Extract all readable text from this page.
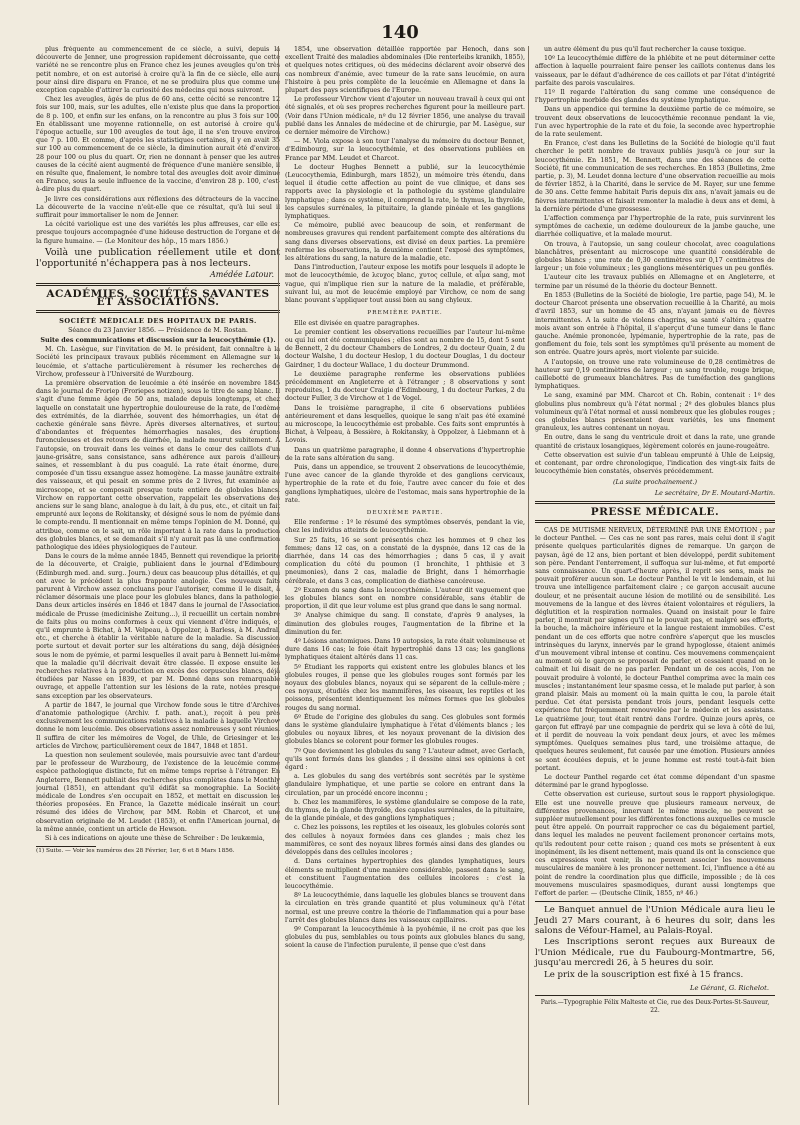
140

plus fréquente au commencement de ce siècle, a suivi, depuis la découverte de Jenner, une progression rapidement décroissante, que cette variété ne se rencontre plus en France chez les jeunes aveugles qu'on très petit nombre, et on est autorisé à croire qu'à la fin de ce siècle, elle aura pour ainsi dire disparu en France, et ne se produira plus que comme une exception capable d'attirer la curiosité des médecins qui nous suivront.

Chez les aveugles, âgés de plus de 60 ans, cette cécité se rencontre 12 fois sur 100, mais, sur les adultes, elle n'existe plus que dans la proportion de 8 p. 100, et enfin sur les enfans, on la rencontre au plus 3 fois sur 100. En établissant une moyenne rationnelle, on est autorisé à croire qu'à l'époque actuelle, sur 100 aveugles de tout âge, il ne s'en trouve environ que 7 p. 100. Et comme, d'après les statistiques certaines, il y en avait 35 sur 100 au commencement de ce siècle, la diminution aurait été d'environ 28 pour 100 ou plus du quart. Or, rien ne donnant à penser que les autres causes de la cécité aient augmenté de fréquence d'une manière sensible, il en résulte que, finalement, le nombre total des aveugles doit avoir diminué en France, sous la seule influence de la vaccine, d'environ 28 p. 100, c'est-à-dire plus du quart.

Je livre ces considérations aux réflexions des détracteurs de la vaccine. La découverte de la vaccine n'eût-elle que ce résultat, qu'à lui seul il suffirait pour immortaliser le nom de Jenner.

La cécité variolique est une des variétés les plus affreuses, car elle est presque toujours accompagnée d'une hideuse destruction de l'organe et de la figure humaine. — (Le Moniteur des hôp., 15 mars 1856.)

Voilà une publication réellement utile et dont l'opportunité n'échappera pas à nos lecteurs.

Amédée Latour.
ACADÉMIES, SOCIÉTÉS SAVANTES ET ASSOCIATIONS.
SOCIÉTÉ MÉDICALE DES HOPITAUX DE PARIS.
Séance du 23 Janvier 1856. — Présidence de M. Rostan.
Suite des communications et discussion sur la leucocythémie (1).

M. Ch. Lasègue, sur l'invitation de M. le président, fait connaître à la Société les principaux travaux publiés récemment en Allemagne sur la leucémie, et s'attache particulièrement à résumer les recherches de Virchow, professeur à l'Université de Wurzbourg.

La première observation de leucémie a été insérée en novembre 1845 dans le journal de Froriep (Froriepes notizen), sous le titre de sang blanc. Il s'agit d'une femme âgée de 50 ans, malade depuis longtemps, et chez laquelle on constatait une hypertrophie douloureuse de la rate, de l'œdème des extrémités, de la diarrhée, souvent des hémorrhagies, un état de cachexie générale sans fièvre. Après diverses alternatives, et surtout d'abondantes et fréquentes hémorrhagies nasales, des éruptions furonculeuses et des retours de diarrhée, la malade mourut subitement. A l'autopsie, on trouvait dans les veines et dans le cœur des caillots d'un jaune-grisâtre, sans consistance, sans adhérence aux parois d'ailleurs saines, et ressemblant à du pus coagulé. La rate était énorme, dure, composée d'un tissu exsangue assez homogène. La masse jaunâtre extraite des vaisseaux, et qui pesait en somme près de 2 livres, fut examinée au microscope, et se composait presque toute entière de globules blancs. Virchow en rapportant cette observation, rappelait les observations des anciens sur le sang blanc, analogue à du lait, à du pus, etc., et citait un fait emprunté aux leçons de Rokitansky, et désigné sous le nom de pyémie dans le compte-rendu. Il mentionnait en même temps l'opinion de M. Donné, qui attribue, comme on le sait, un rôle important à la rate dans la production des globules blancs, et se demandait s'il n'y aurait pas là une confirmation pathologique des idées physiologiques de l'auteur.

Dans le cours de la même année 1845, Bennett qui revendique la priorité de la découverte, et Craigie, publiaient dans le journal d'Edimbourg (Edinburgh med. and. surg.. Journ.) deux cas beaucoup plus détaillés, et qui ont avec le précédent la plus frappante analogie. Ces nouveaux faits parurent à Virchow assez concluans pour l'autoriser, comme il le disait, à réclamer désormais une place pour les globules blancs, dans la pathologie. Dans deux articles insérés en 1846 et 1847 dans le journal de l'Association médicale de Prusse (medicinishe Zeitung...), il recueillit un certain nombre de faits plus ou moins conformes à ceux qui viennent d'être indiqués, et qu'il emprunte à Bichat, à M. Velpeau, à Oppolzer, à Barless, à M. Andral, etc., et cherche à établir la véritable nature de la maladie. Sa discussion porte surtout et devait porter sur les altérations du sang, déjà désignées sous le nom de pyémie, et parmi lesquelles il avait paru à Bennett lui-même que la maladie qu'il décrivait devait être classée. Il expose ensuite les recherches relatives à la production en excès des corpuscules blancs, déjà étudiées par Nasse en 1839, et par M. Donné dans son remarquable ouvrage, et appelle l'attention sur les lésions de la rate, notées presque sans exception par les observateurs.

A partir de 1847, le journal que Virchow fonde sous le titre d'Archives d'anatomie pathologique (Archiv. f. path. anat.), reçoit à peu près exclusivement les communications relatives à la maladie à laquelle Virchow donne le nom leucémie. Des observations assez nombreuses y sont réunies. Il suffira de citer les mémoires de Vogel, de Uhle, de Griesinger et les articles de Virchow, particulièrement ceux de 1847, 1848 et 1851.

La question non seulement soulevée, mais poursuivie avec tant d'ardeur par le professeur de Wurzbourg, de l'existence de la leucémie comme espèce pathologique distincte, fut en même temps reprise à l'étranger. En Angleterre, Bennett publiait des recherches plus complètes dans le Monthly journal (1851), en attendant qu'il édifât sa monographie. La Société médicale de Londres s'en occupait en 1852, et mettait en discussion les théories proposées. En France, la Gazette médicale insérait un court résumé des idées de Virchow, par MM. Robin et Charcot, et une observation originale de M. Leudet (1853), et enfin l'American journal, de la même année, contient un article de Hewson.

Si à ces indications on ajoute une thèse de Schreiber : De leukæmia,

(1) Suite. — Voir les numéros des 28 Février, 1er, 6 et 8 Mars 1856.

1854, une observation détaillée rapportée par Henoch, dans son excellent Traité des maladies abdominales (Die renterleibs kranikh, 1855), et quelques notes critiques, où des médecins déclarent avoir observé des cas nombreux d'anémie, avec tumeur de la rate sans leucémie, on aura l'histoire à peu près complète de la leucémie en Allemagne et dans la plupart des pays scientifiques de l'Europe.

Le professeur Virchow vient d'ajouter un nouveau travail à ceux qui ont été signalés, et où ses propres recherches figurent pour la meilleure part. (Voir dans l'Union médicale, nº du 12 février 1856, une analyse du travail publié dans les Annales de médecine et de chirurgie, par M. Lasègue, sur ce dernier mémoire de Virchow.)

— M. Viola expose à son tour l'analyse du mémoire du docteur Bennet, d'Edimbourg, sur la leucocythémie, et des observations publiées en France par MM. Leudet et Charcot.

Le docteur Hughes Bennett a publié, sur la leucocythémie (Leucocythemia, Edinburgh, mars 1852), un mémoire très étendu, dans lequel il étudie cette affection au point de vue clinique, et dans ses rapports avec la physiologie et la pathologie du système glandulaire lymphatique ; dans ce système, il comprend la rate, le thymus, la thyroïde, les capsules surrénales, la pituitaire, la glande pinéale et les ganglions lymphatiques.

Ce mémoire, publié avec beaucoup de soin, et renfermant de nombreuses gravures qui rendent parfaitement compte des altérations du sang dans diverses observations, est divisé en deux parties. La première renferme les observations, la deuxième contient l'exposé des symptômes, les altérations du sang, la nature de la maladie, etc.

Dans l'introduction, l'auteur expose les motifs pour lesquels il adopte le mot de leucocythémie, de λευχος blanc, χυτος cellule, et αἷμα sang, mot vague, qui n'implique rien sur la nature de la maladie, et préférable, suivant lui, au mot de leucémie employé par Virchow, ce nom de sang blanc pouvant s'appliquer tout aussi bien au sang chyleux.

PREMIÈRE PARTIE.

Elle est divisée en quatre paragraphes.

Le premier contient les observations recueillies par l'auteur lui-même ou qui lui ont été communiquées ; elles sont au nombre de 15, dont 5 sont de Bennett, 2 du docteur Chambers de Londres, 2 du docteur Quain, 2 du docteur Walshe, 1 du docteur Heslop, 1 du docteur Douglas, 1 du docteur Gairdner, 1 du docteur Wallace, 1 du docteur Drummond.

Le deuxième paragraphe renferme les observations publiées précédemment en Angleterre et à l'étranger ; 8 observations y sont reproduites, 1 du docteur Craigie d'Edimbourg, 1 du docteur Parkes, 2 du docteur Fuller, 3 de Virchow et 1 de Vogel.

Dans le troisième paragraphe, il cite 6 observations publiées antérieurement et dans lesquelles, quoique le sang n'ait pas été examiné au microscope, la leucocythémie est probable. Ces faits sont empruntés à Bichat, à Velpeau, à Bessière, à Rokitansky, à Oppolzer, à Liebmann et à Lovois.

Dans un quatrième paragraphe, il donne 4 observations d'hypertrophie de la rate sans altération du sang.

Puis, dans un appendice, se trouvent 2 observations de leucocythémie, l'une avec cancer de la glande thyroïde et des ganglions cervicaux, hypertrophie de la rate et du foie, l'autre avec cancer du foie et des ganglions lymphatiques, ulcère de l'estomac, mais sans hypertrophie de la rate.

DEUXIÈME PARTIE.

Elle renferme : 1º le résumé des symptômes observés, pendant la vie, chez les individus atteints de leucocythémie.

Sur 25 faits, 16 se sont présentés chez les hommes et 9 chez les femmes; dans 12 cas, on a constaté de la dyspnée, dans 12 cas de la diarrhée, dans 14 cas des hémorrhagies ; dans 5 cas, il y avait complication du côté du poumon (1 bronchite, 1 phthisie et 3 pneumonies), dans 2 cas, maladie de Bright, dans 1 hémorrhagie cérébrale, et dans 3 cas, complication de diathèse cancéreuse.

2º Examen du sang dans la leucocythémie. L'auteur dit vaguement que les globules blancs sont en nombre considérable, sans établir de proportion, il dit que leur volume est plus grand que dans le sang normal.

3º Analyse chimique du sang. Il constate, d'après 9 analyses, la diminution des globules rouges, l'augmentation de la fibrine et la diminution du fer.

4º Lésions anatomiques. Dans 19 autopsies, la rate était volumineuse et dure dans 16 cas; le foie était hypertrophié dans 13 cas; les ganglions lymphatiques étaient altérés dans 11 cas.

5º Étudiant les rapports qui existent entre les globules blancs et les globules rouges, il pense que les globules rouges sont formés par les noyaux des globules blancs, noyaux qui se séparent de la cellule-mère ; ces noyaux, étudiés chez les mammifères, les oiseaux, les reptiles et les poissons, présentent identiquement les mêmes formes que les globules rouges du sang normal.

6º Étude de l'origine des globules du sang. Ces globules sont formés dans le système glandulaire lymphatique à l'état d'éléments blancs ; les globules ou noyaux libres, et les noyaux provenant de la division des globules blancs se colorent pour former les globules rouges.

7º Que deviennent les globules du sang ? L'auteur admet, avec Gerlach, qu'ils sont formés dans les glandes ; il dessine ainsi ses opinions à cet égard :

a. Les globules du sang des vertébrés sont secrétés par le système glandulaire lymphatique, et une partie se colore en entrant dans la circulation, par un procédé encore inconnu ;

b. Chez les mammifères, le système glandulaire se compose de la rate, du thymus, de la glande thyroïde, des capsules surrénales, de la pituitaire, de la glande pinéale, et des ganglions lymphatiques ;

c. Chez les poissons, les reptiles et les oiseaux, les globules colorés sont des cellules à noyaux formées dans ces glandes ; mais chez les mammifères, ce sont des noyaux libres formés ainsi dans des glandes ou développés dans des cellules incolores ;

d. Dans certaines hypertrophies des glandes lymphatiques, leurs éléments se multiplient d'une manière considérable, passent dans le sang, et constituent l'augmentation des cellules incolores : c'est la leucocythémie.

8º La leucocythémie, dans laquelle les globules blancs se trouvent dans la circulation en très grande quantité et plus volumineux qu'à l'état normal, est une preuve contre la théorie de l'inflammation qui a pour base l'arrêt des globules blancs dans les vaisseaux capillaires.

9º Comparant la leucocythémie à la pyohémie, il ne croit pas que les globules du pus, semblables ou tous points aux globules blancs du sang, soient la cause de l'infection purulente, il pense que c'est dans

un autre élément du pus qu'il faut rechercher la cause toxique.

10º La leucocythémie diffère de la phlébite et ne peut déterminer cette affection à laquelle pourraient faire penser les caillots contenus dans les vaisseaux, par le défaut d'adhérence de ces caillots et par l'état d'intégrité parfaite des parois vasculaires.

11º Il regarde l'altération du sang comme une conséquence de l'hypertrophie morbide des glandes du système lymphatique.

Dans un appendice qui termine la deuxième partie de ce mémoire, se trouvent deux observations de leucocythémie reconnue pendant la vie, l'un avec hypertrophie de la rate et du foie, la seconde avec hypertrophie de la rate seulement.

En France, c'est dans les Bulletins de la Société de biologie qu'il faut chercher le petit nombre de travaux publiés jusqu'à ce jour sur la leucocythémie. En 1851, M. Bennett, dans une des séances de cette Société, fit une communication de ses recherches. En 1853 (Bulletins, 2me partie, p. 3), M. Leudet donna lecture d'une observation recueillie au mois de février 1852, à la Charité, dans le service de M. Rayer, sur une femme de 30 ans. Cette femme habitait Paris depuis dix ans, n'avait jamais eu de fièvres intermittentes et faisait remonter la maladie à deux ans et demi, à la dernière période d'une grossesse.

L'affection commença par l'hypertrophie de la rate, puis survinrent les symptômes de cachexie, un œdème douloureux de la jambe gauche, une diarrhée colliquative, et la malade mourut.

On trouva, à l'autopsie, un sang couleur chocolat, avec coagulations blanchâtres, présentant au microscope une quantité considérable de globules blancs ; une rate de 0,30 centimètres sur 0,17 centimètres de largeur ; un foie volumineux ; les ganglions mésentériques un peu gonflés.

L'auteur cite les travaux publiés en Allemagne et en Angleterre, et termine par un résumé de la théorie du docteur Bennett.

En 1853 (Bulletins de la Société de biologie, 1re partie, page 54), M. le docteur Charcot présenta une observation recueillie à la Charité, au mois d'avril 1853, sur un homme de 45 ans, n'ayant jamais eu de fièvres intermittentes. A la suite de violens chagrins, sa santé s'altéra ; quatre mois avant son entrée à l'hôpital, il s'aperçut d'une tumeur dans le flanc gauche. Anémie prononcée, lypémanie, hypertrophie de la rate, pas de gonflement du foie, tels sont les symptômes qu'il présente au moment de son entrée. Quatre jours après, mort violente par suicide.

A l'autopsie, on trouve une rate volumineuse de 0,28 centimètres de hauteur sur 0,19 centimètres de largeur ; un sang trouble, rouge brique, caillebotté de grumeaux blanchâtres. Pas de tuméfaction des ganglions lymphatiques.

Le sang, examiné par MM. Charcot et Ch. Robin, contenait : 1º des globulins plus nombreux qu'à l'état normal ; 2º des globules blancs plus volumineux qu'à l'état normal et aussi nombreux que les globules rouges ; ces globules blancs présentaient deux variétés, les uns finement granuleux, les autres contenant un noyau.

En outre, dans le sang du ventricule droit et dans la rate, une grande quantité de cristaux losangiques, légèrement colorés en jaune-rougeâtre.

Cette observation est suivie d'un tableau emprunté à Uhle de Leipsig, et contenant, par ordre chronologique, l'indication des vingt-six faits de leucocythémie bien constatés, observés précédemment.

(La suite prochainement.)
Le secrétaire, Dr E. Moutard-Martin.
PRESSE MÉDICALE.

CAS DE MUTISME NERVEUX, DÉTERMINÉ PAR UNE ÉMOTION ; par le docteur Panthel. — Ces cas ne sont pas rares, mais celui dont il s'agit présente quelques particularités dignes de remarque. Un garçon de paysan, âgé de 12 ans, bien portant et bien développé, perdit subitement son père. Pendant l'enterrement, il suffoqua sur lui-même, et fut emporté sans connaissance. Un quart-d'heure après, il reprit ses sens, mais ne pouvait proférer aucun son. Le docteur Panthel le vit le lendemain, et lui trouva une intelligence parfaitement claire ; ce garçon accusait aucune douleur, et ne présentait aucune lésion de motilité ou de sensibilité. Les mouvemens de la langue et des lèvres étaient volontaires et réguliers, la déglutition et la respiration normales. Quand on insistait pour le faire parler, il montrait par signes qu'il ne le pouvait pas, et malgré ses efforts, la bouche, la mâchoire inférieure et la langue restaient immobiles. C'est pendant un de ces efforts que notre confrère s'aperçut que les muscles intrinsèques du larynx, innervés par le grand hypoglosse, étaient animés d'un mouvement vibral intense et continu. Ces mouvemens commençaient au moment où le garçon se proposait de parler, et cessaient quand on le calmait et lui disait de ne pas parler. Pendant un de ces accès, l'on ne pouvait produire à volonté, le docteur Panthel comprima avec la main ces muscles ; instantanément leur spasme cessa, et le malade put parler, à son grand plaisir. Mais au moment où la main quitta le cou, la parole était perdue. Cet état persista pendant trois jours, pendant lesquels cette expérience fut fréquemment renouvelée par le médecin et les assistans. Le quatrième jour, tout était rentré dans l'ordre. Quinze jours après, ce garçon fut effrayé par une compagnie de perdrix qui se leva à côté de lui, et il perdit de nouveau la voix pendant deux jours, et avec les mêmes symptômes. Quelques semaines plus tard, une troisième attaque, de quelques heures seulement, fut causée par une émotion. Plusieurs années se sont écoulées depuis, et le jeune homme est resté tout-à-fait bien portant.

Le docteur Panthel regarde cet état comme dépendant d'un spasme déterminé par le grand hypoglosse.

Cette observation est curieuse, surtout sous le rapport physiologique. Elle est une nouvelle preuve que plusieurs rameaux nerveux, de différentes provenances, innervant le même muscle, ne peuvent se suppléer mutuellement pour les différentes fonctions auxquelles ce muscle peut être appelé. On pourrait rapprocher ce cas du bégaiement partiel, dans lequel les malades ne peuvent facilement prononcer certains mots, qu'ils redoutent pour cette raison ; quand ces mots se présentent à eux inopinément, ils les disent nettement, mais quand ils ont la conscience que ces expressions vont venir, ils ne peuvent associer les mouvemens musculaires de manière à les prononcer nettement. Ici, l'influence a été au point de rendre la coordination plus que difficile, impossible ; de là ces mouvemens musculaires spasmodiques, durant aussi longtemps que l'effort de parler. — (Deutsche Clinik, 1855, nº 46.)

Le Banquet annuel de l'Union Médicale aura lieu le Jeudi 27 Mars courant, à 6 heures du soir, dans les salons de Véfour-Hamel, au Palais-Royal.

Les Inscriptions seront reçues aux Bureaux de l'Union Médicale, rue du Faubourg-Montmartre, 56, jusqu'au mercredi 26, à 5 heures du soir.

Le prix de la souscription est fixé à 15 francs.

Le Gérant, G. Richelot.
Paris.—Typographie Félix Malteste et Cie, rue des Deux-Portes-St-Sauveur, 22.
